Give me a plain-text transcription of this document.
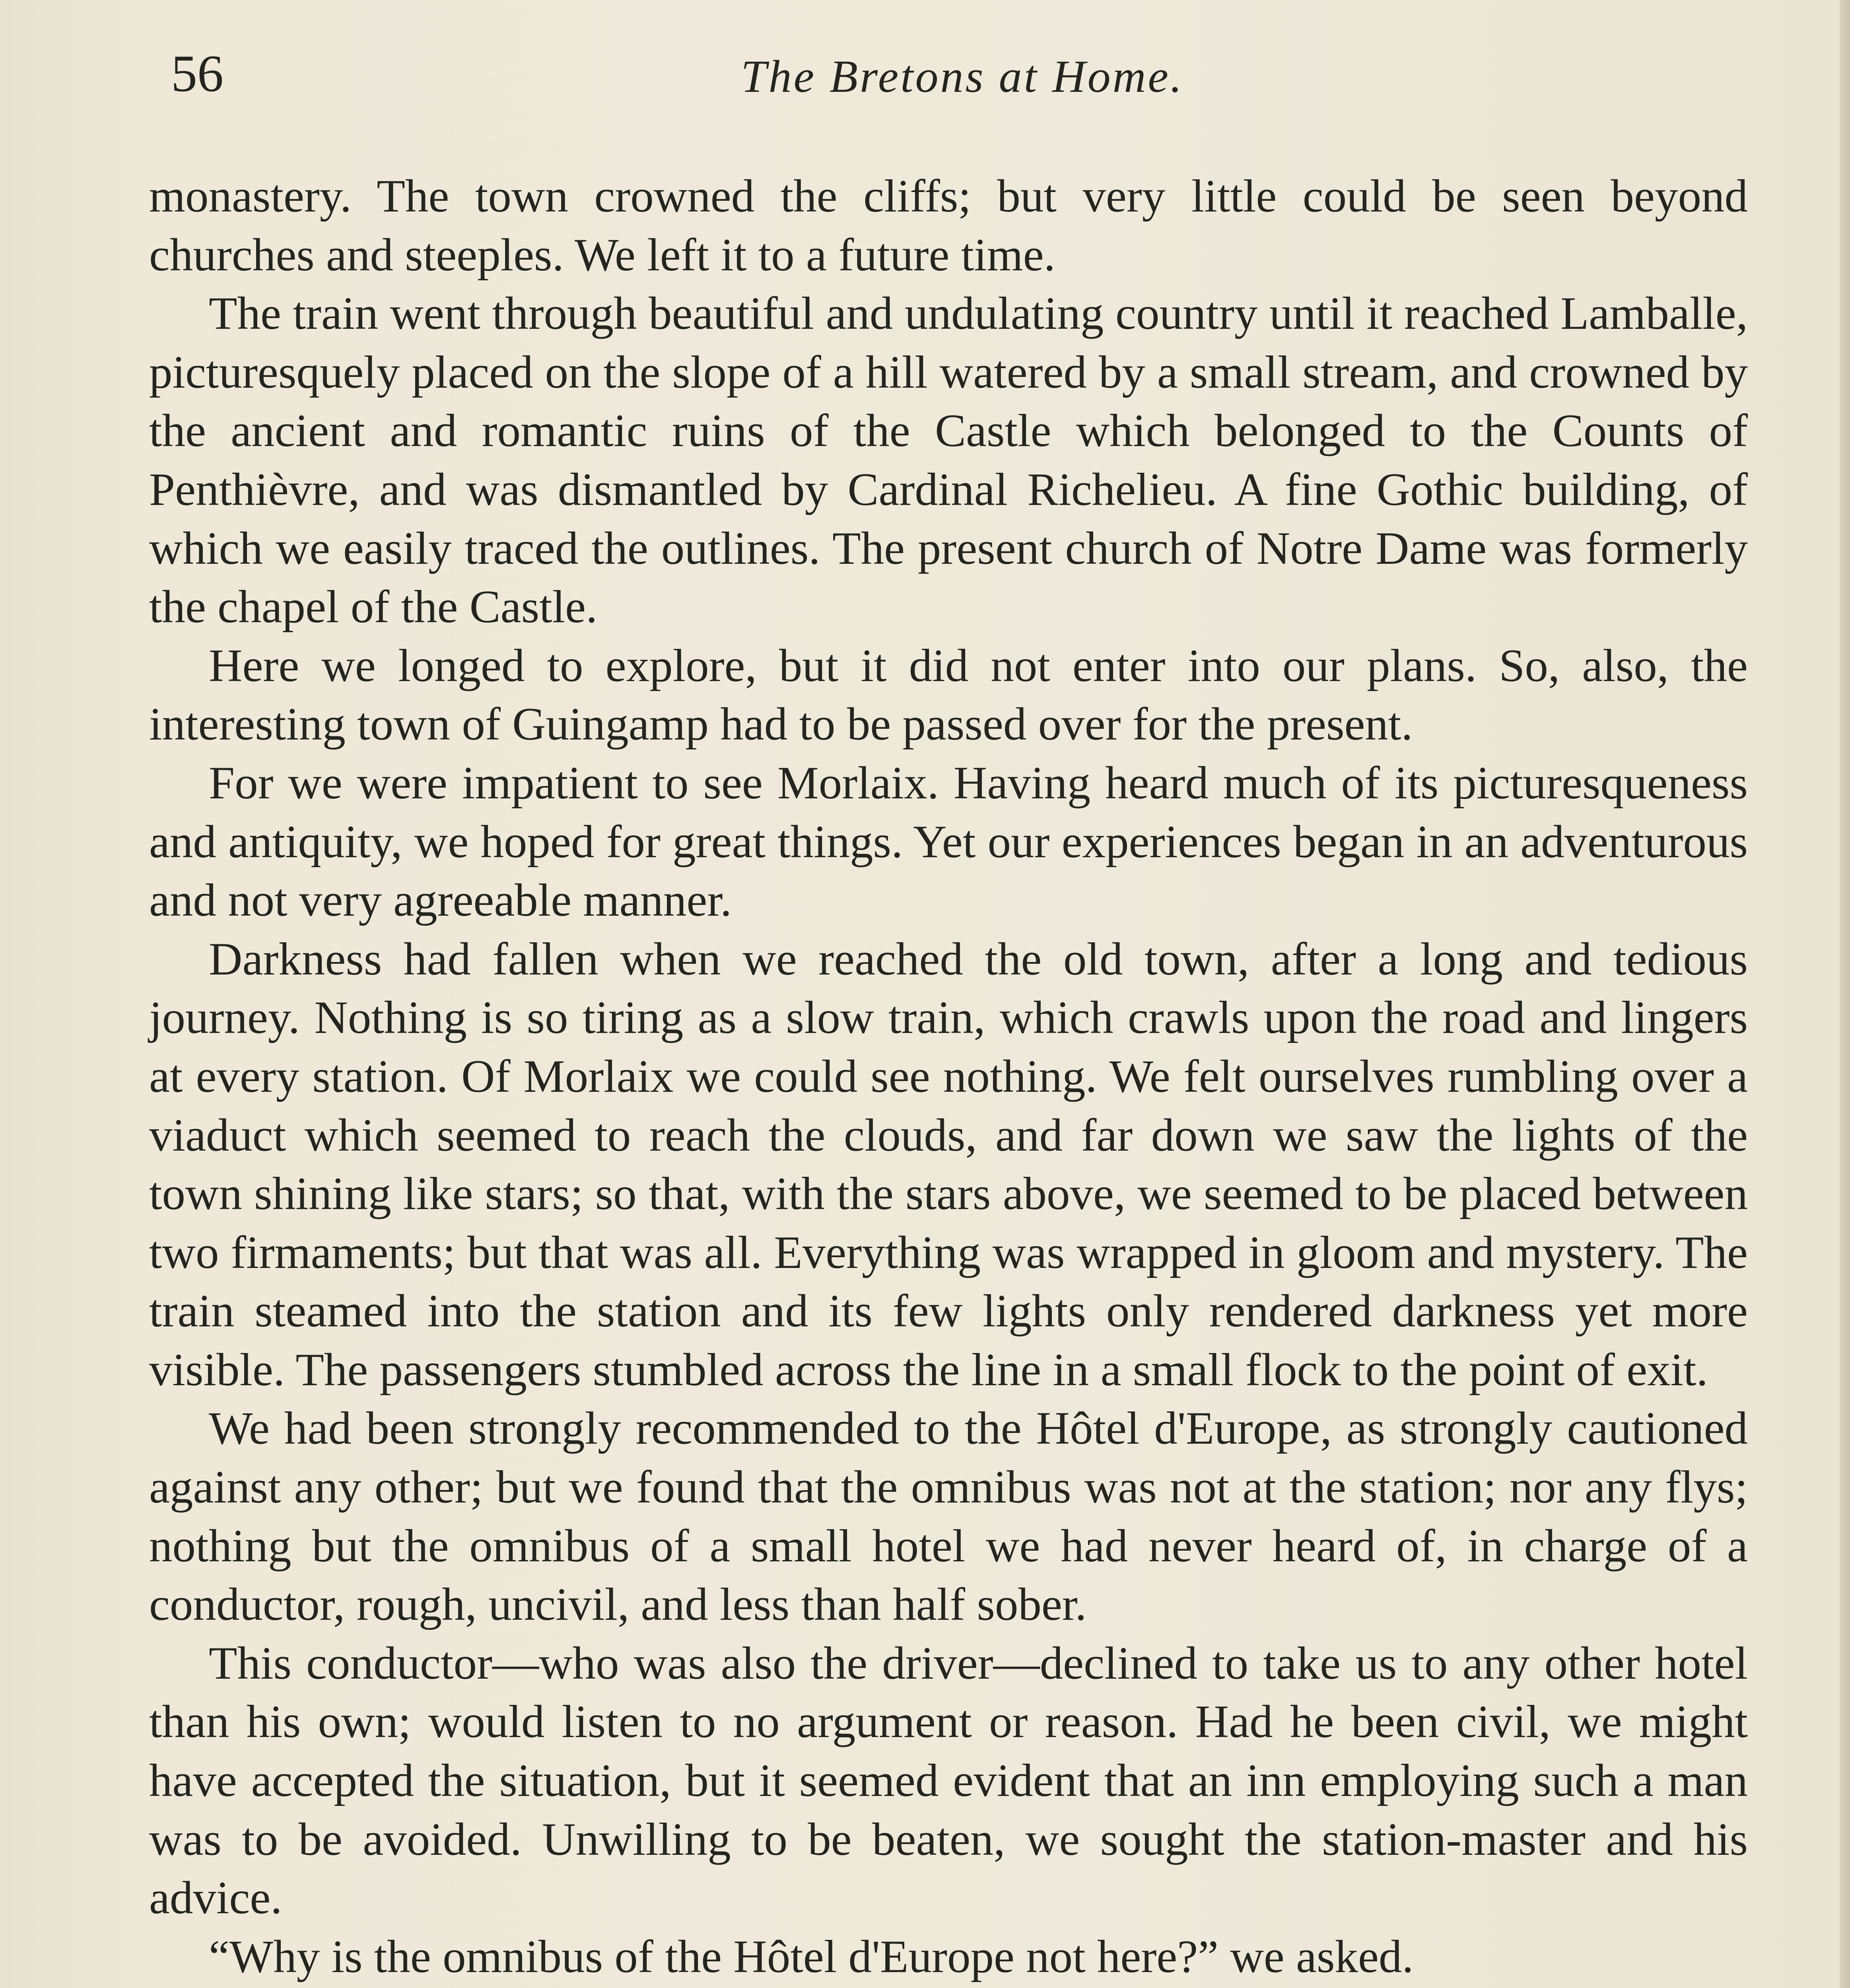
56	The Bretons at Home.

monastery. The town crowned the cliffs; but very little could be seen beyond churches and steeples. We left it to a future time.

The train went through beautiful and undulating country until it reached Lamballe, picturesquely placed on the slope of a hill watered by a small stream, and crowned by the ancient and romantic ruins of the Castle which belonged to the Counts of Penthièvre, and was dismantled by Cardinal Richelieu. A fine Gothic building, of which we easily traced the outlines. The present church of Notre Dame was formerly the chapel of the Castle.

Here we longed to explore, but it did not enter into our plans. So, also, the interesting town of Guingamp had to be passed over for the present.

For we were impatient to see Morlaix. Having heard much of its picturesqueness and antiquity, we hoped for great things. Yet our experiences began in an adventurous and not very agreeable manner.

Darkness had fallen when we reached the old town, after a long and tedious journey. Nothing is so tiring as a slow train, which crawls upon the road and lingers at every station. Of Morlaix we could see nothing. We felt ourselves rumbling over a viaduct which seemed to reach the clouds, and far down we saw the lights of the town shining like stars; so that, with the stars above, we seemed to be placed between two firmaments; but that was all. Everything was wrapped in gloom and mystery. The train steamed into the station and its few lights only rendered darkness yet more visible. The passengers stumbled across the line in a small flock to the point of exit.

We had been strongly recommended to the Hôtel d'Europe, as strongly cautioned against any other; but we found that the omnibus was not at the station; nor any flys; nothing but the omnibus of a small hotel we had never heard of, in charge of a conductor, rough, uncivil, and less than half sober.

This conductor—who was also the driver—declined to take us to any other hotel than his own; would listen to no argument or reason. Had he been civil, we might have accepted the situation, but it seemed evident that an inn employing such a man was to be avoided. Unwilling to be beaten, we sought the station-master and his advice.

“Why is the omnibus of the Hôtel d'Europe not here?” we asked.
